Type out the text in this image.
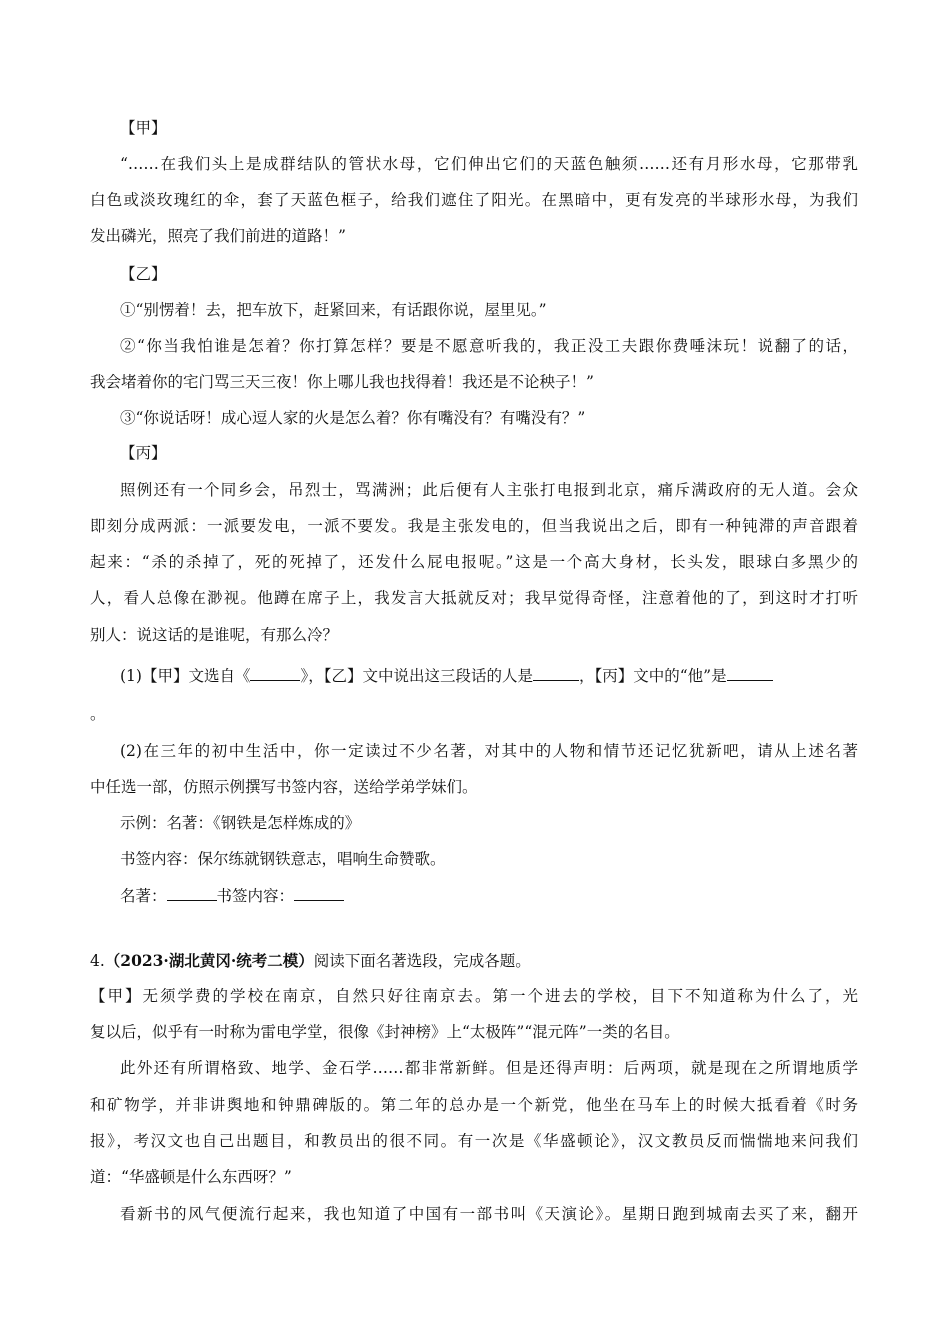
【甲】
“……在我们头上是成群结队的管状水母，它们伸出它们的天蓝色触须……还有月形水母，它那带乳
白色或淡玫瑰红的伞，套了天蓝色框子，给我们遮住了阳光。在黑暗中，更有发亮的半球形水母，为我们
发出磷光，照亮了我们前进的道路！”
【乙】
①“别愣着！去，把车放下，赶紧回来，有话跟你说，屋里见。”
②“你当我怕谁是怎着？你打算怎样？要是不愿意听我的，我正没工夫跟你费唾沫玩！说翻了的话，
我会堵着你的宅门骂三天三夜！你上哪儿我也找得着！我还是不论秧子！”
③“你说话呀！成心逗人家的火是怎么着？你有嘴没有？有嘴没有？”
【丙】
照例还有一个同乡会，吊烈士，骂满洲；此后便有人主张打电报到北京，痛斥满政府的无人道。会众
即刻分成两派：一派要发电，一派不要发。我是主张发电的，但当我说出之后，即有一种钝滞的声音跟着
起来：“杀的杀掉了，死的死掉了，还发什么屁电报呢。”这是一个高大身材，长头发，眼球白多黑少的
人，看人总像在渺视。他蹲在席子上，我发言大抵就反对；我早觉得奇怪，注意着他的了，到这时才打听
别人：说这话的是谁呢，有那么冷？
(1)【甲】文选自《	》，【乙】文中说出这三段话的人是	，【丙】文中的“他”是
。
(2)在三年的初中生活中，你一定读过不少名著，对其中的人物和情节还记忆犹新吧，请从上述名著
中任选一部，仿照示例撰写书签内容，送给学弟学妹们。
示例：名著：《钢铁是怎样炼成的》
书签内容：保尔练就钢铁意志，唱响生命赞歌。
名著：	书签内容：
4.（2023·湖北黄冈·统考二模）阅读下面名著选段，完成各题。
【甲】无须学费的学校在南京，自然只好往南京去。第一个进去的学校，目下不知道称为什么了，光
复以后，似乎有一时称为雷电学堂，很像《封神榜》上“太极阵”“混元阵”一类的名目。
此外还有所谓格致、地学、金石学……都非常新鲜。但是还得声明：后两项，就是现在之所谓地质学
和矿物学，并非讲舆地和钟鼎碑版的。第二年的总办是一个新党，他坐在马车上的时候大抵看着《时务
报》，考汉文也自己出题目，和教员出的很不同。有一次是《华盛顿论》，汉文教员反而惴惴地来问我们
道：“华盛顿是什么东西呀？”
看新书的风气便流行起来，我也知道了中国有一部书叫《天演论》。星期日跑到城南去买了来，翻开
